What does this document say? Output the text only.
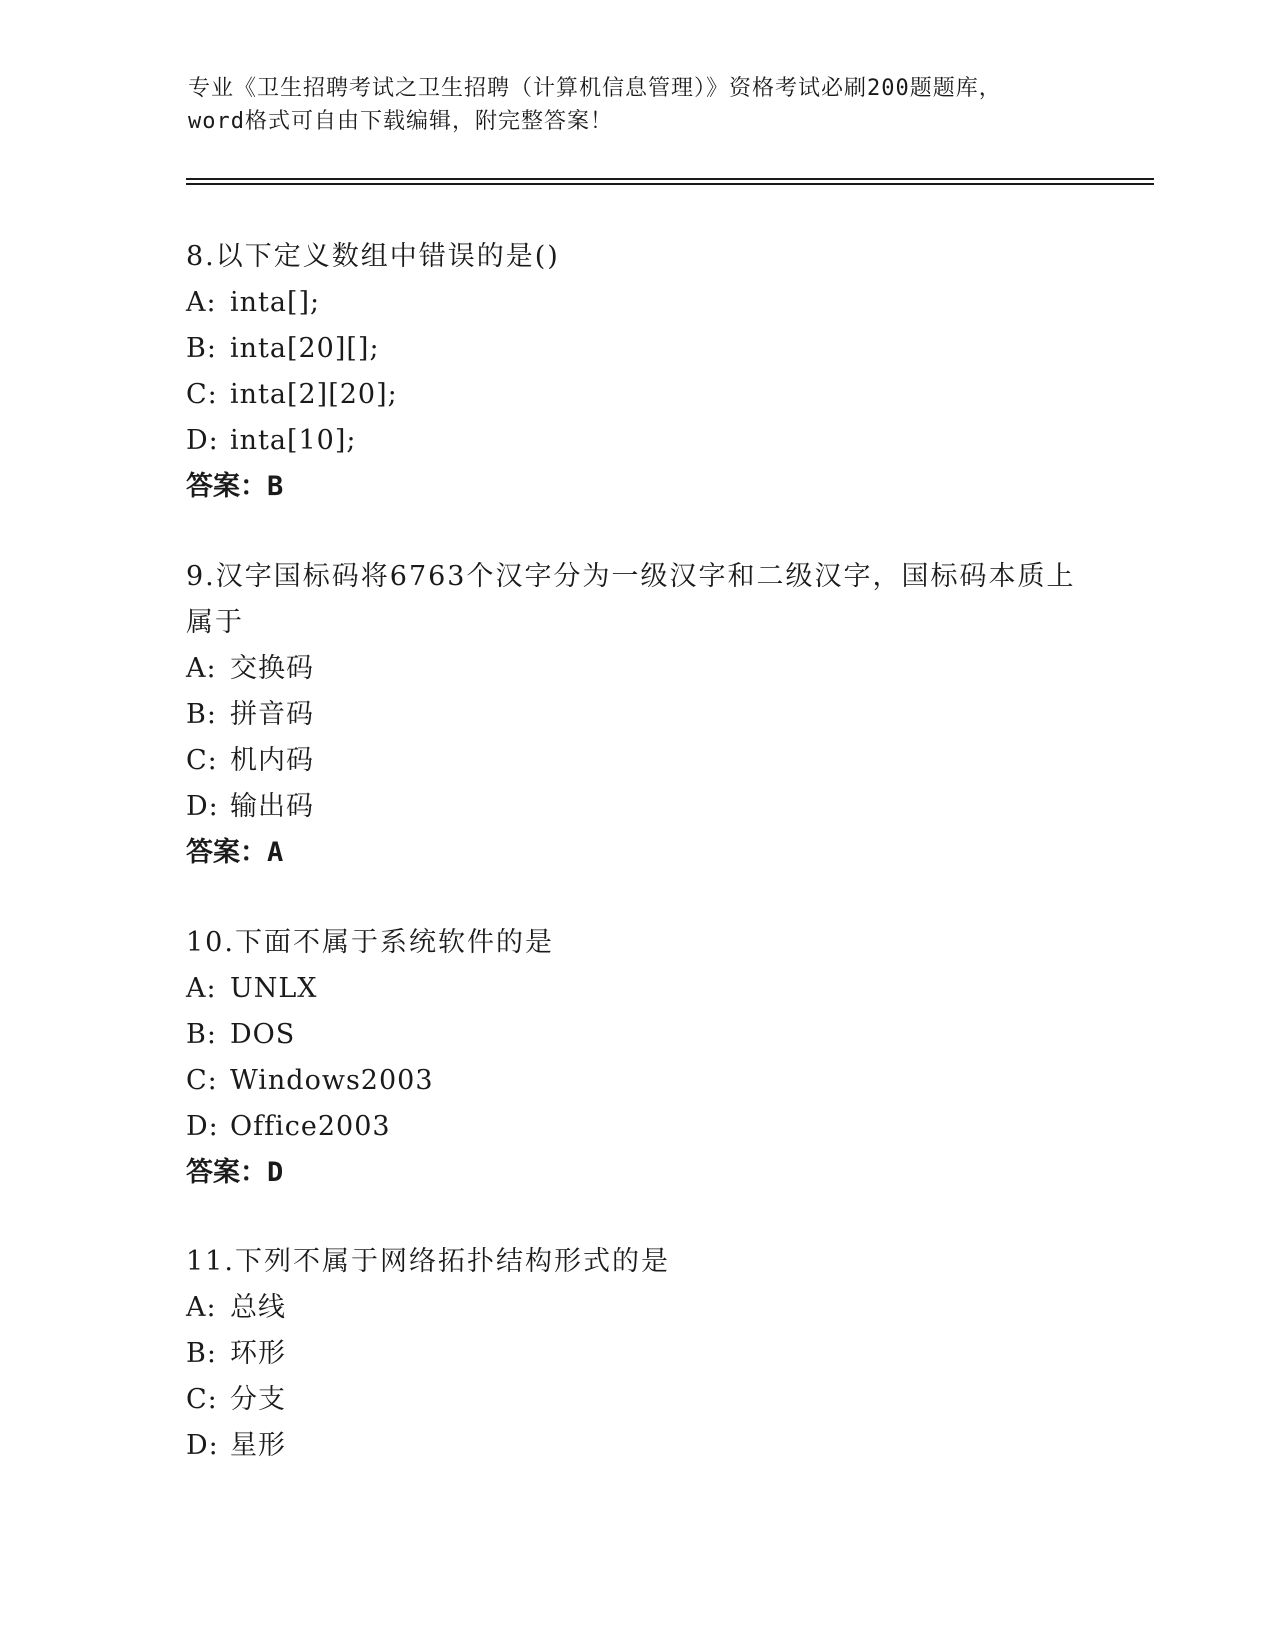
专业《卫生招聘考试之卫生招聘（计算机信息管理）》资格考试必刷200题题库，
word格式可自由下载编辑，附完整答案！
8.以下定义数组中错误的是()
A: inta[];
B: inta[20][];
C: inta[2][20];
D: inta[10];
答案：B
9.汉字国标码将6763个汉字分为一级汉字和二级汉字，国标码本质上
属于
A: 交换码
B: 拼音码
C: 机内码
D: 输出码
答案：A
10.下面不属于系统软件的是
A: UNLX
B: DOS
C: Windows2003
D: Office2003
答案：D
11.下列不属于网络拓扑结构形式的是
A: 总线
B: 环形
C: 分支
D: 星形
